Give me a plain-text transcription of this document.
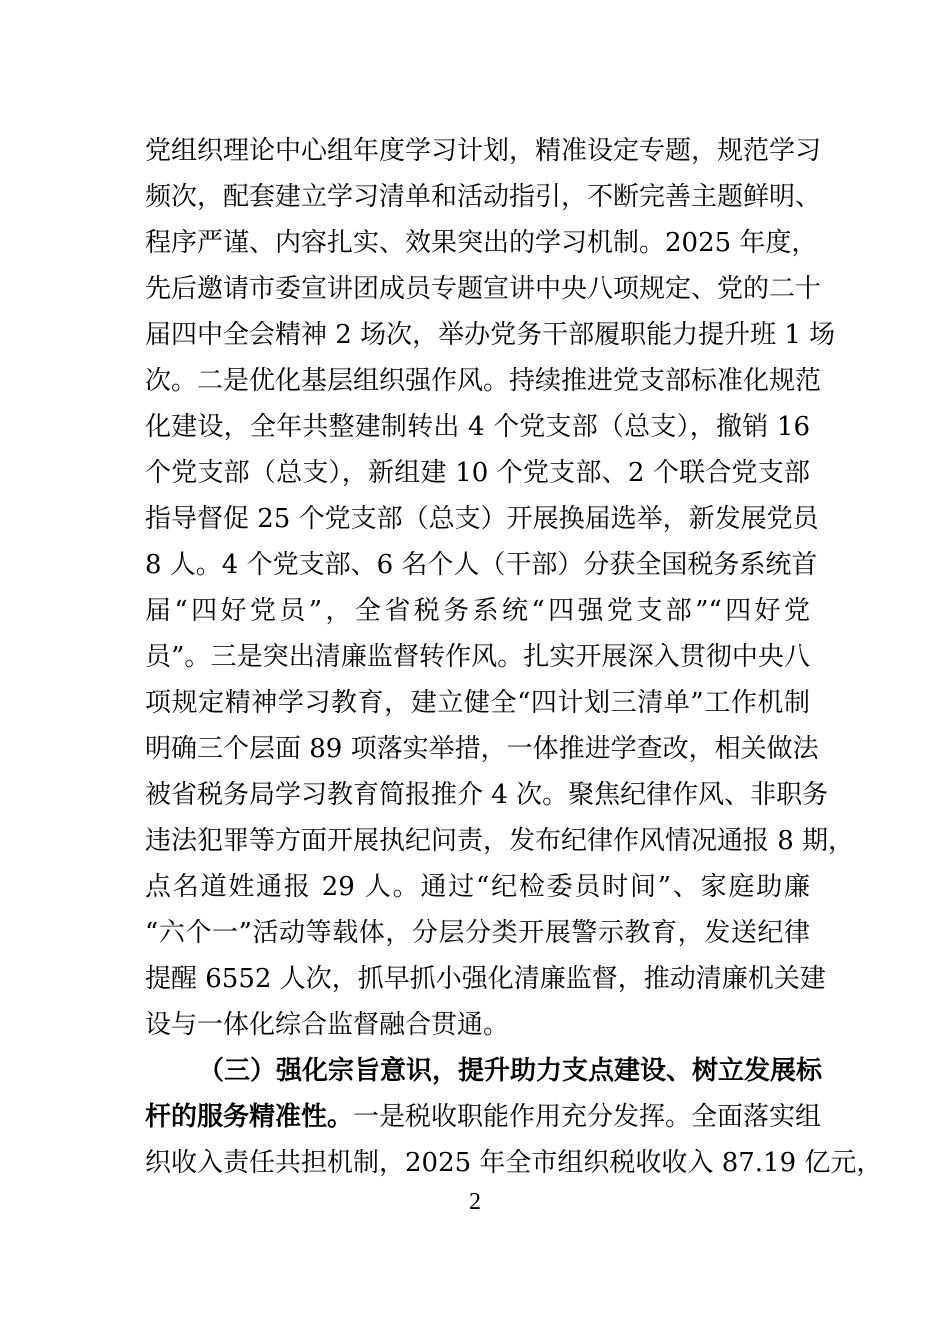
党组织理论中心组年度学习计划，精准设定专题，规范学习
频次，配套建立学习清单和活动指引，不断完善主题鲜明、
程序严谨、内容扎实、效果突出的学习机制。2025 年度，
先后邀请市委宣讲团成员专题宣讲中央八项规定、党的二十
届四中全会精神 2 场次，举办党务干部履职能力提升班 1 场
次。二是优化基层组织强作风。持续推进党支部标准化规范
化建设，全年共整建制转出 4 个党支部（总支），撤销 16
个党支部（总支），新组建 10 个党支部、2 个联合党支部
指导督促 25 个党支部（总支）开展换届选举，新发展党员
8 人。4 个党支部、6 名个人（干部）分获全国税务系统首
届“四好党员”，全省税务系统“四强党支部”“四好党
员”。三是突出清廉监督转作风。扎实开展深入贯彻中央八
项规定精神学习教育，建立健全“四计划三清单”工作机制
明确三个层面 89 项落实举措，一体推进学查改，相关做法
被省税务局学习教育简报推介 4 次。聚焦纪律作风、非职务
违法犯罪等方面开展执纪问责，发布纪律作风情况通报 8 期，
点名道姓通报 29 人。通过“纪检委员时间”、家庭助廉
“六个一”活动等载体，分层分类开展警示教育，发送纪律
提醒 6552 人次，抓早抓小强化清廉监督，推动清廉机关建
设与一体化综合监督融合贯通。
（三）强化宗旨意识，提升助力支点建设、树立发展标
杆的服务精准性。一是税收职能作用充分发挥。全面落实组
织收入责任共担机制，2025 年全市组织税收收入 87.19 亿元，
2
